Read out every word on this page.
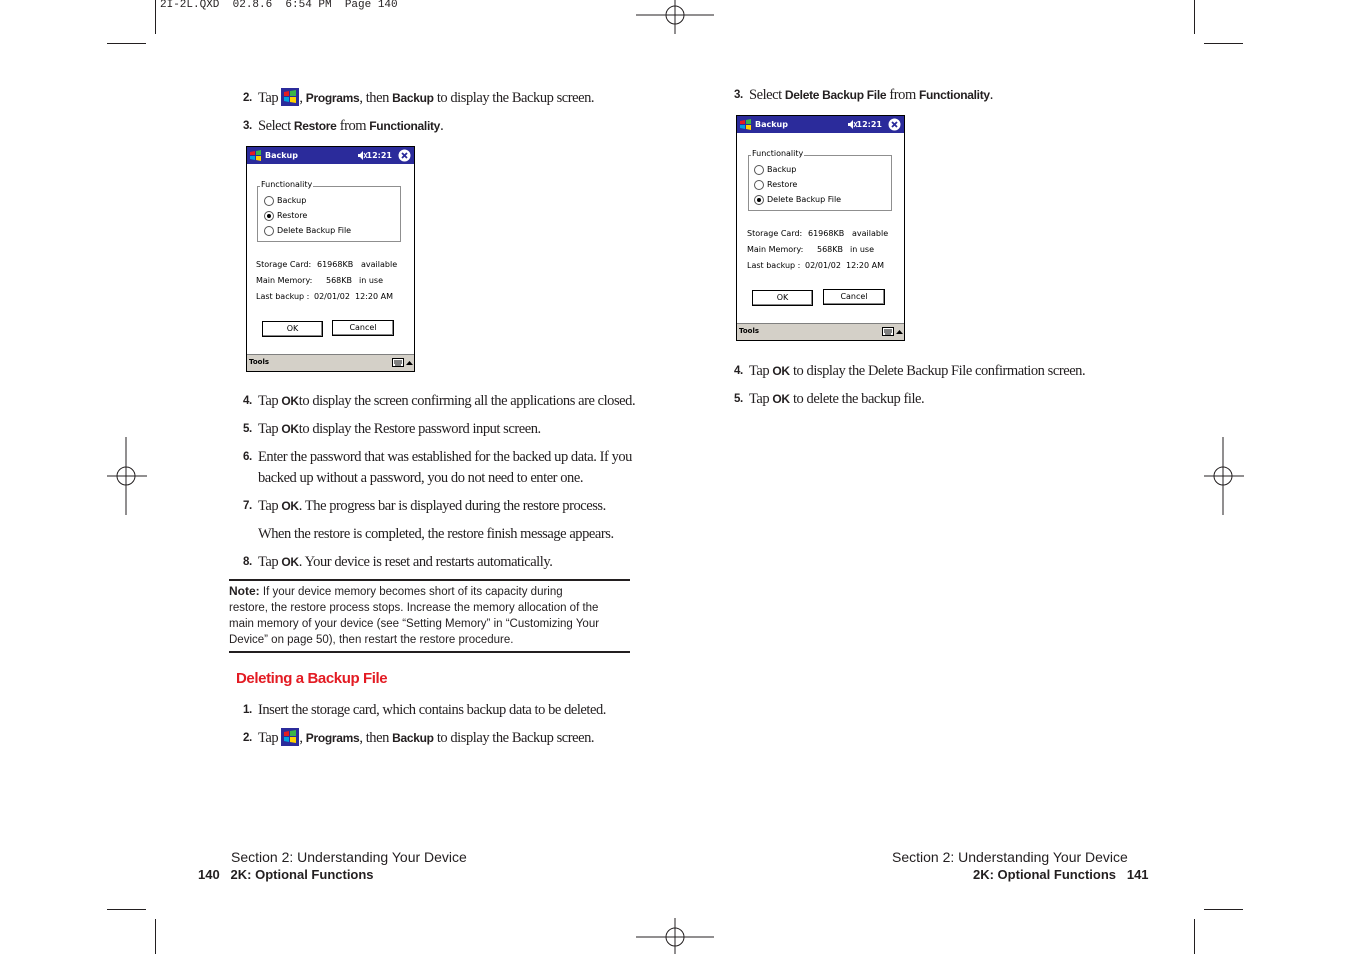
2I-2L.QXD  02.8.6  6:54 PM  Page 140
2. Tap , Programs, then Backup to display the Backup screen.
3. Select Restore from Functionality.
Backup	12:21
Functionality
Backup
Restore
Delete Backup File
Storage Card: 61968KB available
Main Memory: 568KB in use
Last backup : 02/01/02 12:20 AM
OK	Cancel
Tools
4. Tap OKto display the screen confirming all the applications are closed.
5. Tap OKto display the Restore password input screen.
6. Enter the password that was established for the backed up data. If you
backed up without a password, you do not need to enter one.
7. Tap OK. The progress bar is displayed during the restore process.
When the restore is completed, the restore finish message appears.
8. Tap OK. Your device is reset and restarts automatically.
Note: If your device memory becomes short of its capacity during
restore, the restore process stops. Increase the memory allocation of the
main memory of your device (see “Setting Memory” in “Customizing Your
Device” on page 50), then restart the restore procedure.
Deleting a Backup File
1. Insert the storage card, which contains backup data to be deleted.
2. Tap , Programs, then Backup to display the Backup screen.
Section 2: Understanding Your Device
140 2K: Optional Functions
3. Select Delete Backup File from Functionality.
Backup	12:21
Functionality
Backup
Restore
Delete Backup File
Storage Card: 61968KB available
Main Memory: 568KB in use
Last backup : 02/01/02 12:20 AM
OK	Cancel
Tools
4. Tap OK to display the Delete Backup File confirmation screen.
5. Tap OK to delete the backup file.
Section 2: Understanding Your Device
2K: Optional Functions 141
